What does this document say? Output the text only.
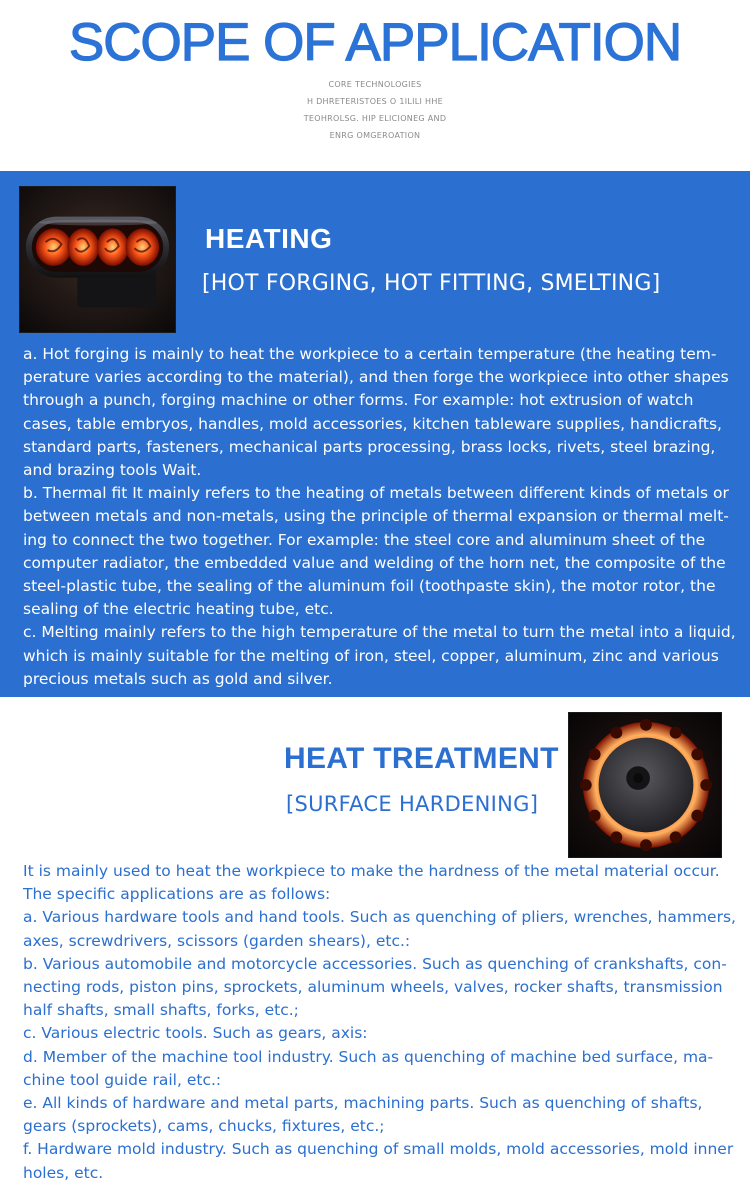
SCOPE OF APPLICATION
CORE TECHNOLOGIES
H DHRETERISTOES O 1ILILI HHE
TEOHROLSG. HIP ELICIONEG AND
ENRG OMGEROATION
HEATING
[HOT FORGING, HOT FITTING, SMELTING]

a. Hot forging is mainly to heat the workpiece to a certain temperature (the heating tem-perature varies according to the material), and then forge the workpiece into other shapes through a punch, forging machine or other forms. For example: hot extrusion of watch cases, table embryos, handles, mold accessories, kitchen tableware supplies, handicrafts, standard parts, fasteners, mechanical parts processing, brass locks, rivets, steel brazing, and brazing tools Wait.

b. Thermal fit It mainly refers to the heating of metals between different kinds of metals or between metals and non-metals, using the principle of thermal expansion or thermal melt-ing to connect the two together. For example: the steel core and aluminum sheet of the computer radiator, the embedded value and welding of the horn net, the composite of the steel-plastic tube, the sealing of the aluminum foil (toothpaste skin), the motor rotor, the sealing of the electric heating tube, etc.

c. Melting mainly refers to the high temperature of the metal to turn the metal into a liquid, which is mainly suitable for the melting of iron, steel, copper, aluminum, zinc and various precious metals such as gold and silver.

HEAT TREATMENT
[SURFACE HARDENING]

It is mainly used to heat the workpiece to make the hardness of the metal material occur. The specific applications are as follows:

a. Various hardware tools and hand tools. Such as quenching of pliers, wrenches, hammers, axes, screwdrivers, scissors (garden shears), etc.:

b. Various automobile and motorcycle accessories. Such as quenching of crankshafts, con-necting rods, piston pins, sprockets, aluminum wheels, valves, rocker shafts, transmission half shafts, small shafts, forks, etc.;

c. Various electric tools. Such as gears, axis:

d. Member of the machine tool industry. Such as quenching of machine bed surface, ma-chine tool guide rail, etc.:

e. All kinds of hardware and metal parts, machining parts. Such as quenching of shafts, gears (sprockets), cams, chucks, fixtures, etc.;

f. Hardware mold industry. Such as quenching of small molds, mold accessories, mold inner holes, etc.
